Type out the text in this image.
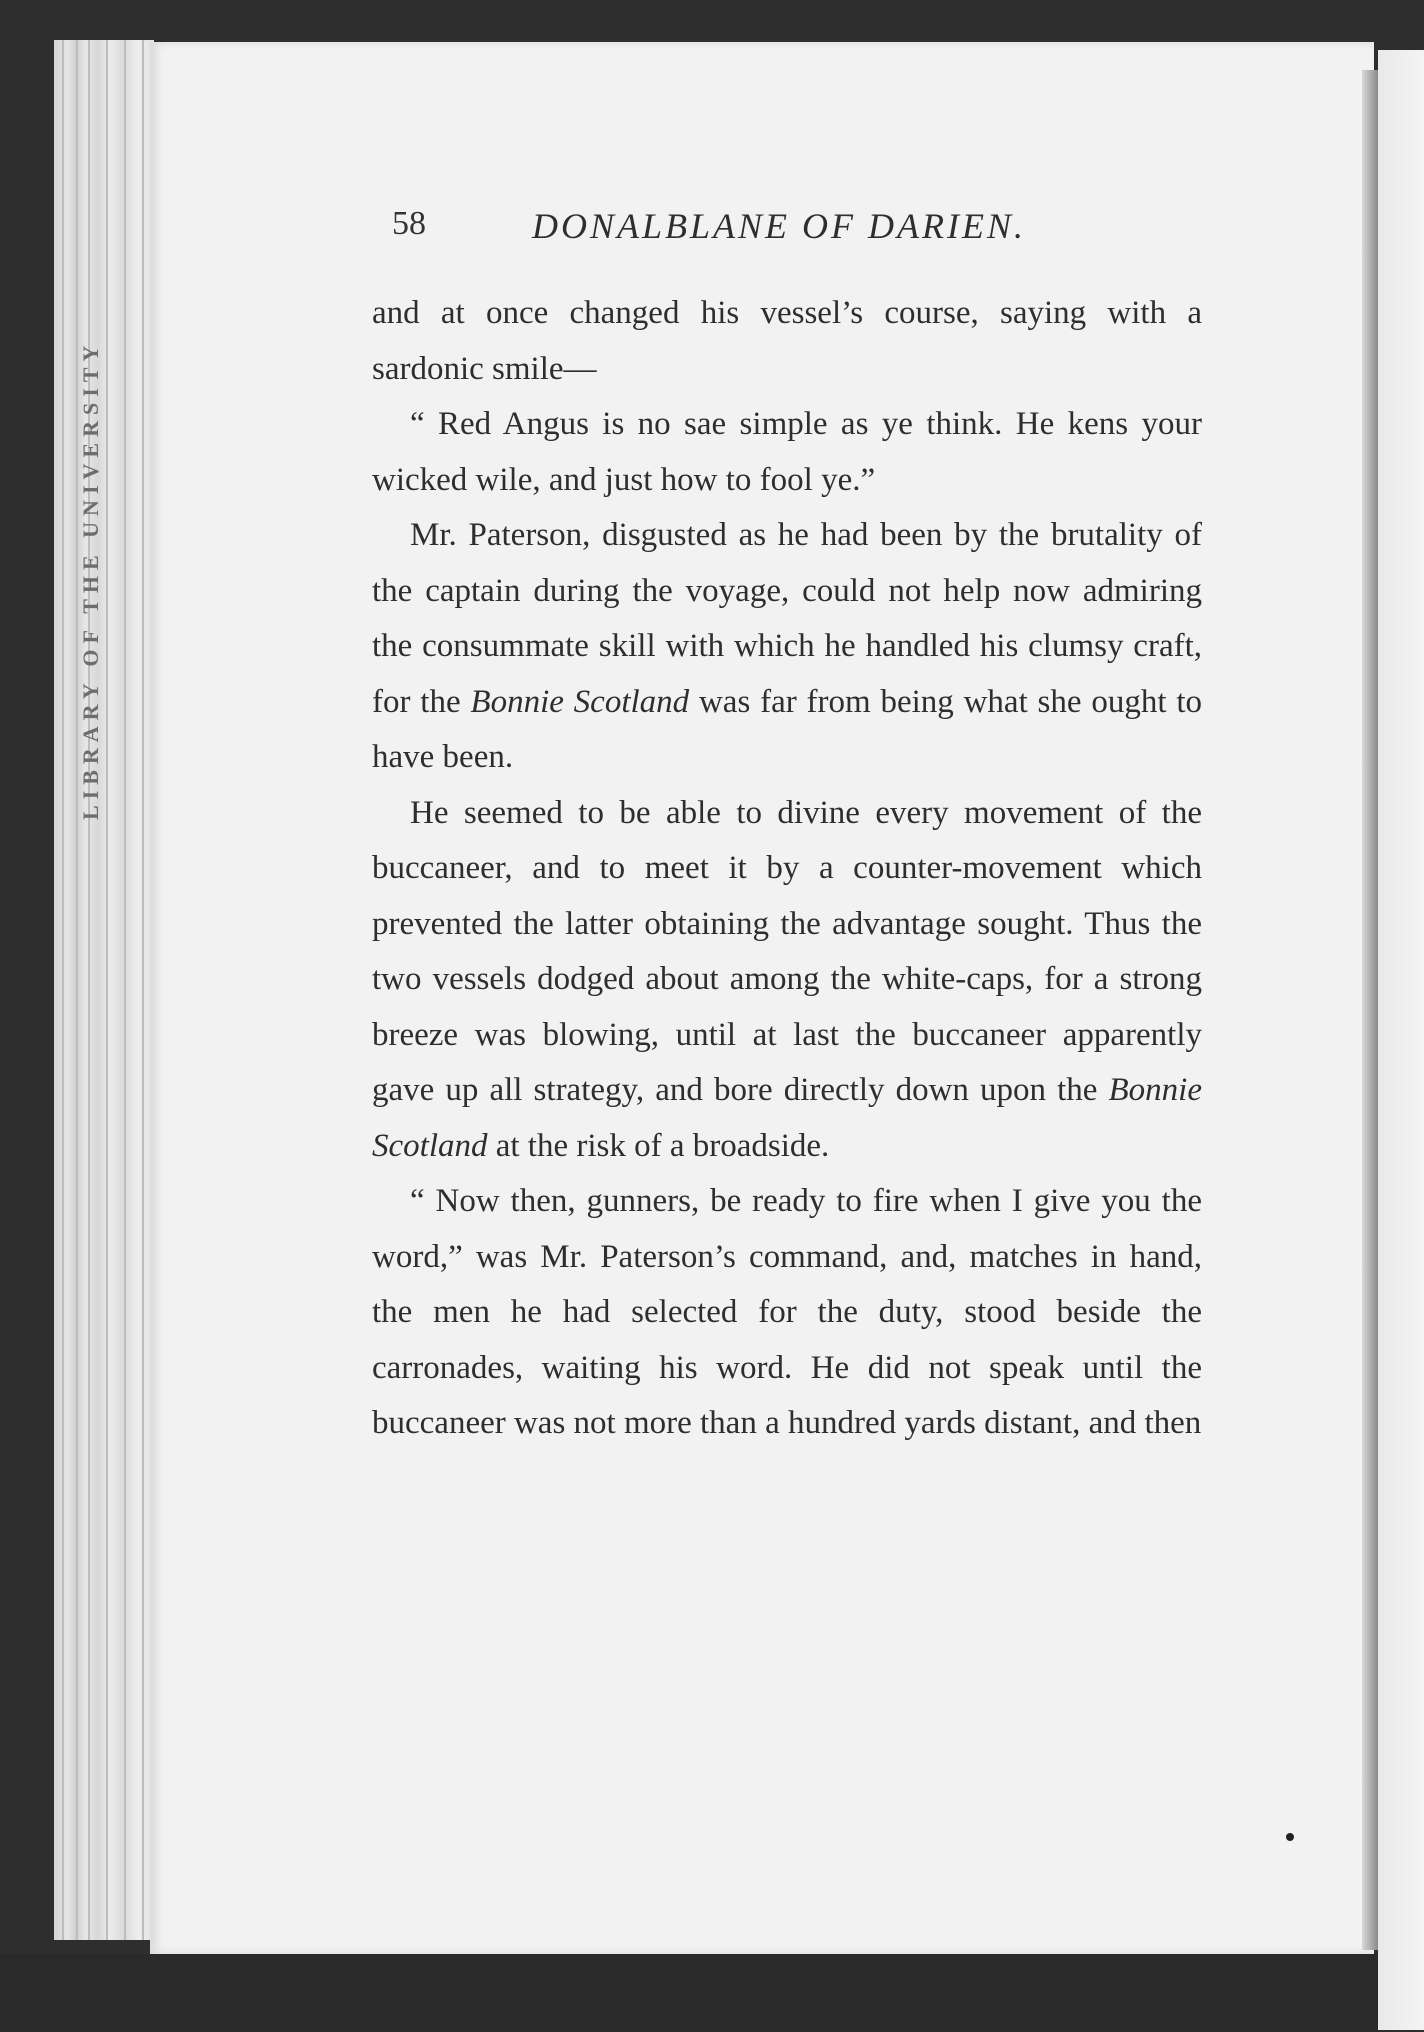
LIBRARY OF THE UNIVERSITY
58	DONALBLANE OF DARIEN.

and at once changed his vessel’s course, saying with a sardonic smile—

“ Red Angus is no sae simple as ye think. He kens your wicked wile, and just how to fool ye.”

Mr. Paterson, disgusted as he had been by the brutality of the captain during the voyage, could not help now admiring the consummate skill with which he handled his clumsy craft, for the Bonnie Scotland was far from being what she ought to have been.

He seemed to be able to divine every movement of the buccaneer, and to meet it by a counter-movement which prevented the latter obtaining the advantage sought. Thus the two vessels dodged about among the white-caps, for a strong breeze was blowing, until at last the buccaneer apparently gave up all strategy, and bore directly down upon the Bonnie Scotland at the risk of a broadside.

“ Now then, gunners, be ready to fire when I give you the word,” was Mr. Paterson’s command, and, matches in hand, the men he had selected for the duty, stood beside the carronades, waiting his word. He did not speak until the buccaneer was not more than a hundred yards distant, and then
